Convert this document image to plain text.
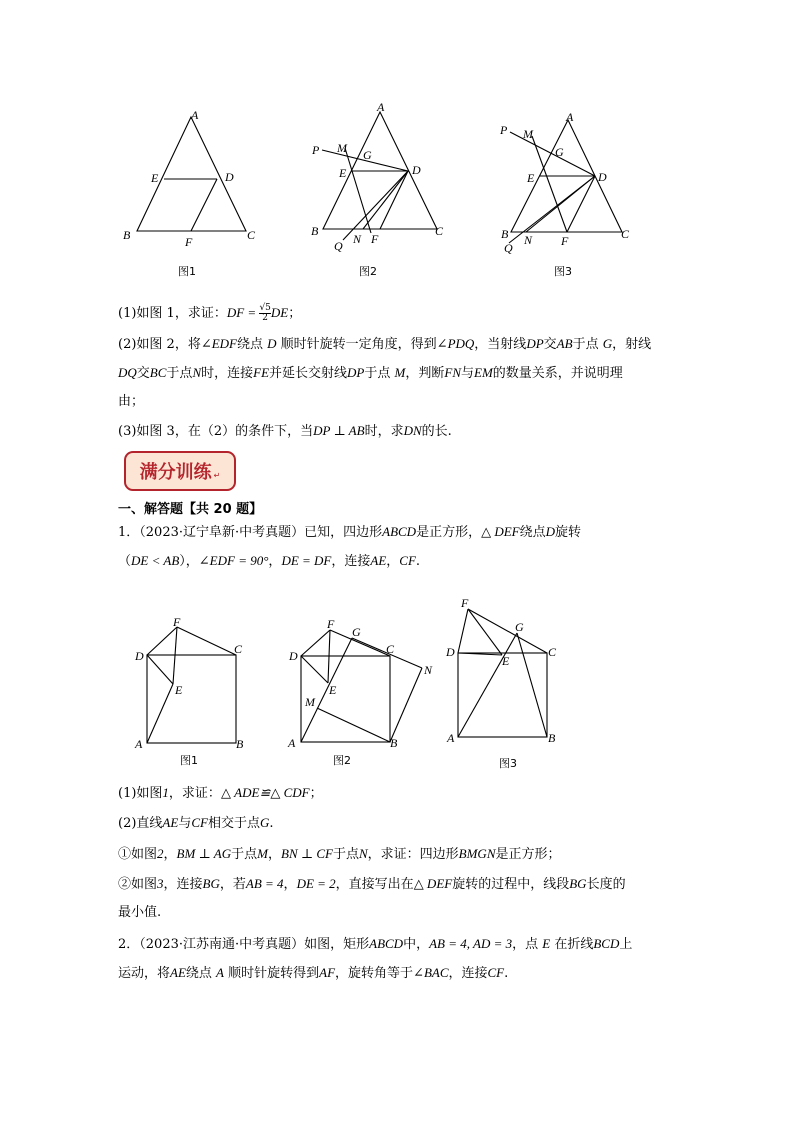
A
B	C
D
E
F
图1
A
B	C
D
E
F
G
M
N
P
Q
图2
A
B	C
D
E
F
G
M
N
P
Q
图3
(1)如图 1，求证：DF = $\frac{√5}{2}$ DE；
(2)如图 2，将∠EDF绕点 D 顺时针旋转一定角度，得到∠PDQ，当射线DP交AB于点 G，射线
DQ交BC于点N时，连接FE并延长交射线DP于点 M，判断FN与EM的数量关系，并说明理
由；
(3)如图 3，在（2）的条件下，当DP ⊥ AB时，求DN的长.
满分训练 ↵
一、解答题【共 20 题】
1．（2023·辽宁阜新·中考真题）已知，四边形ABCD是正方形，△ DEF绕点D旋转
（DE < AB），∠EDF = 90°，DE = DF，连接AE，CF.
F
D	C
E
A	B
图1
F
G
D	C
N
E
M
A	B
图2
F
G
D	C
E
A	B
图3
(1)如图1，求证：△ ADE≌△ CDF；
(2)直线AE与CF相交于点G.
①如图2，BM ⊥ AG于点M，BN ⊥ CF于点N，求证：四边形BMGN是正方形；
②如图3，连接BG，若AB = 4，DE = 2，直接写出在△ DEF旋转的过程中，线段BG长度的
最小值.
2．（2023·江苏南通·中考真题）如图，矩形ABCD中，AB = 4, AD = 3，点 E 在折线BCD上
运动，将AE绕点 A 顺时针旋转得到AF，旋转角等于∠BAC，连接CF.
